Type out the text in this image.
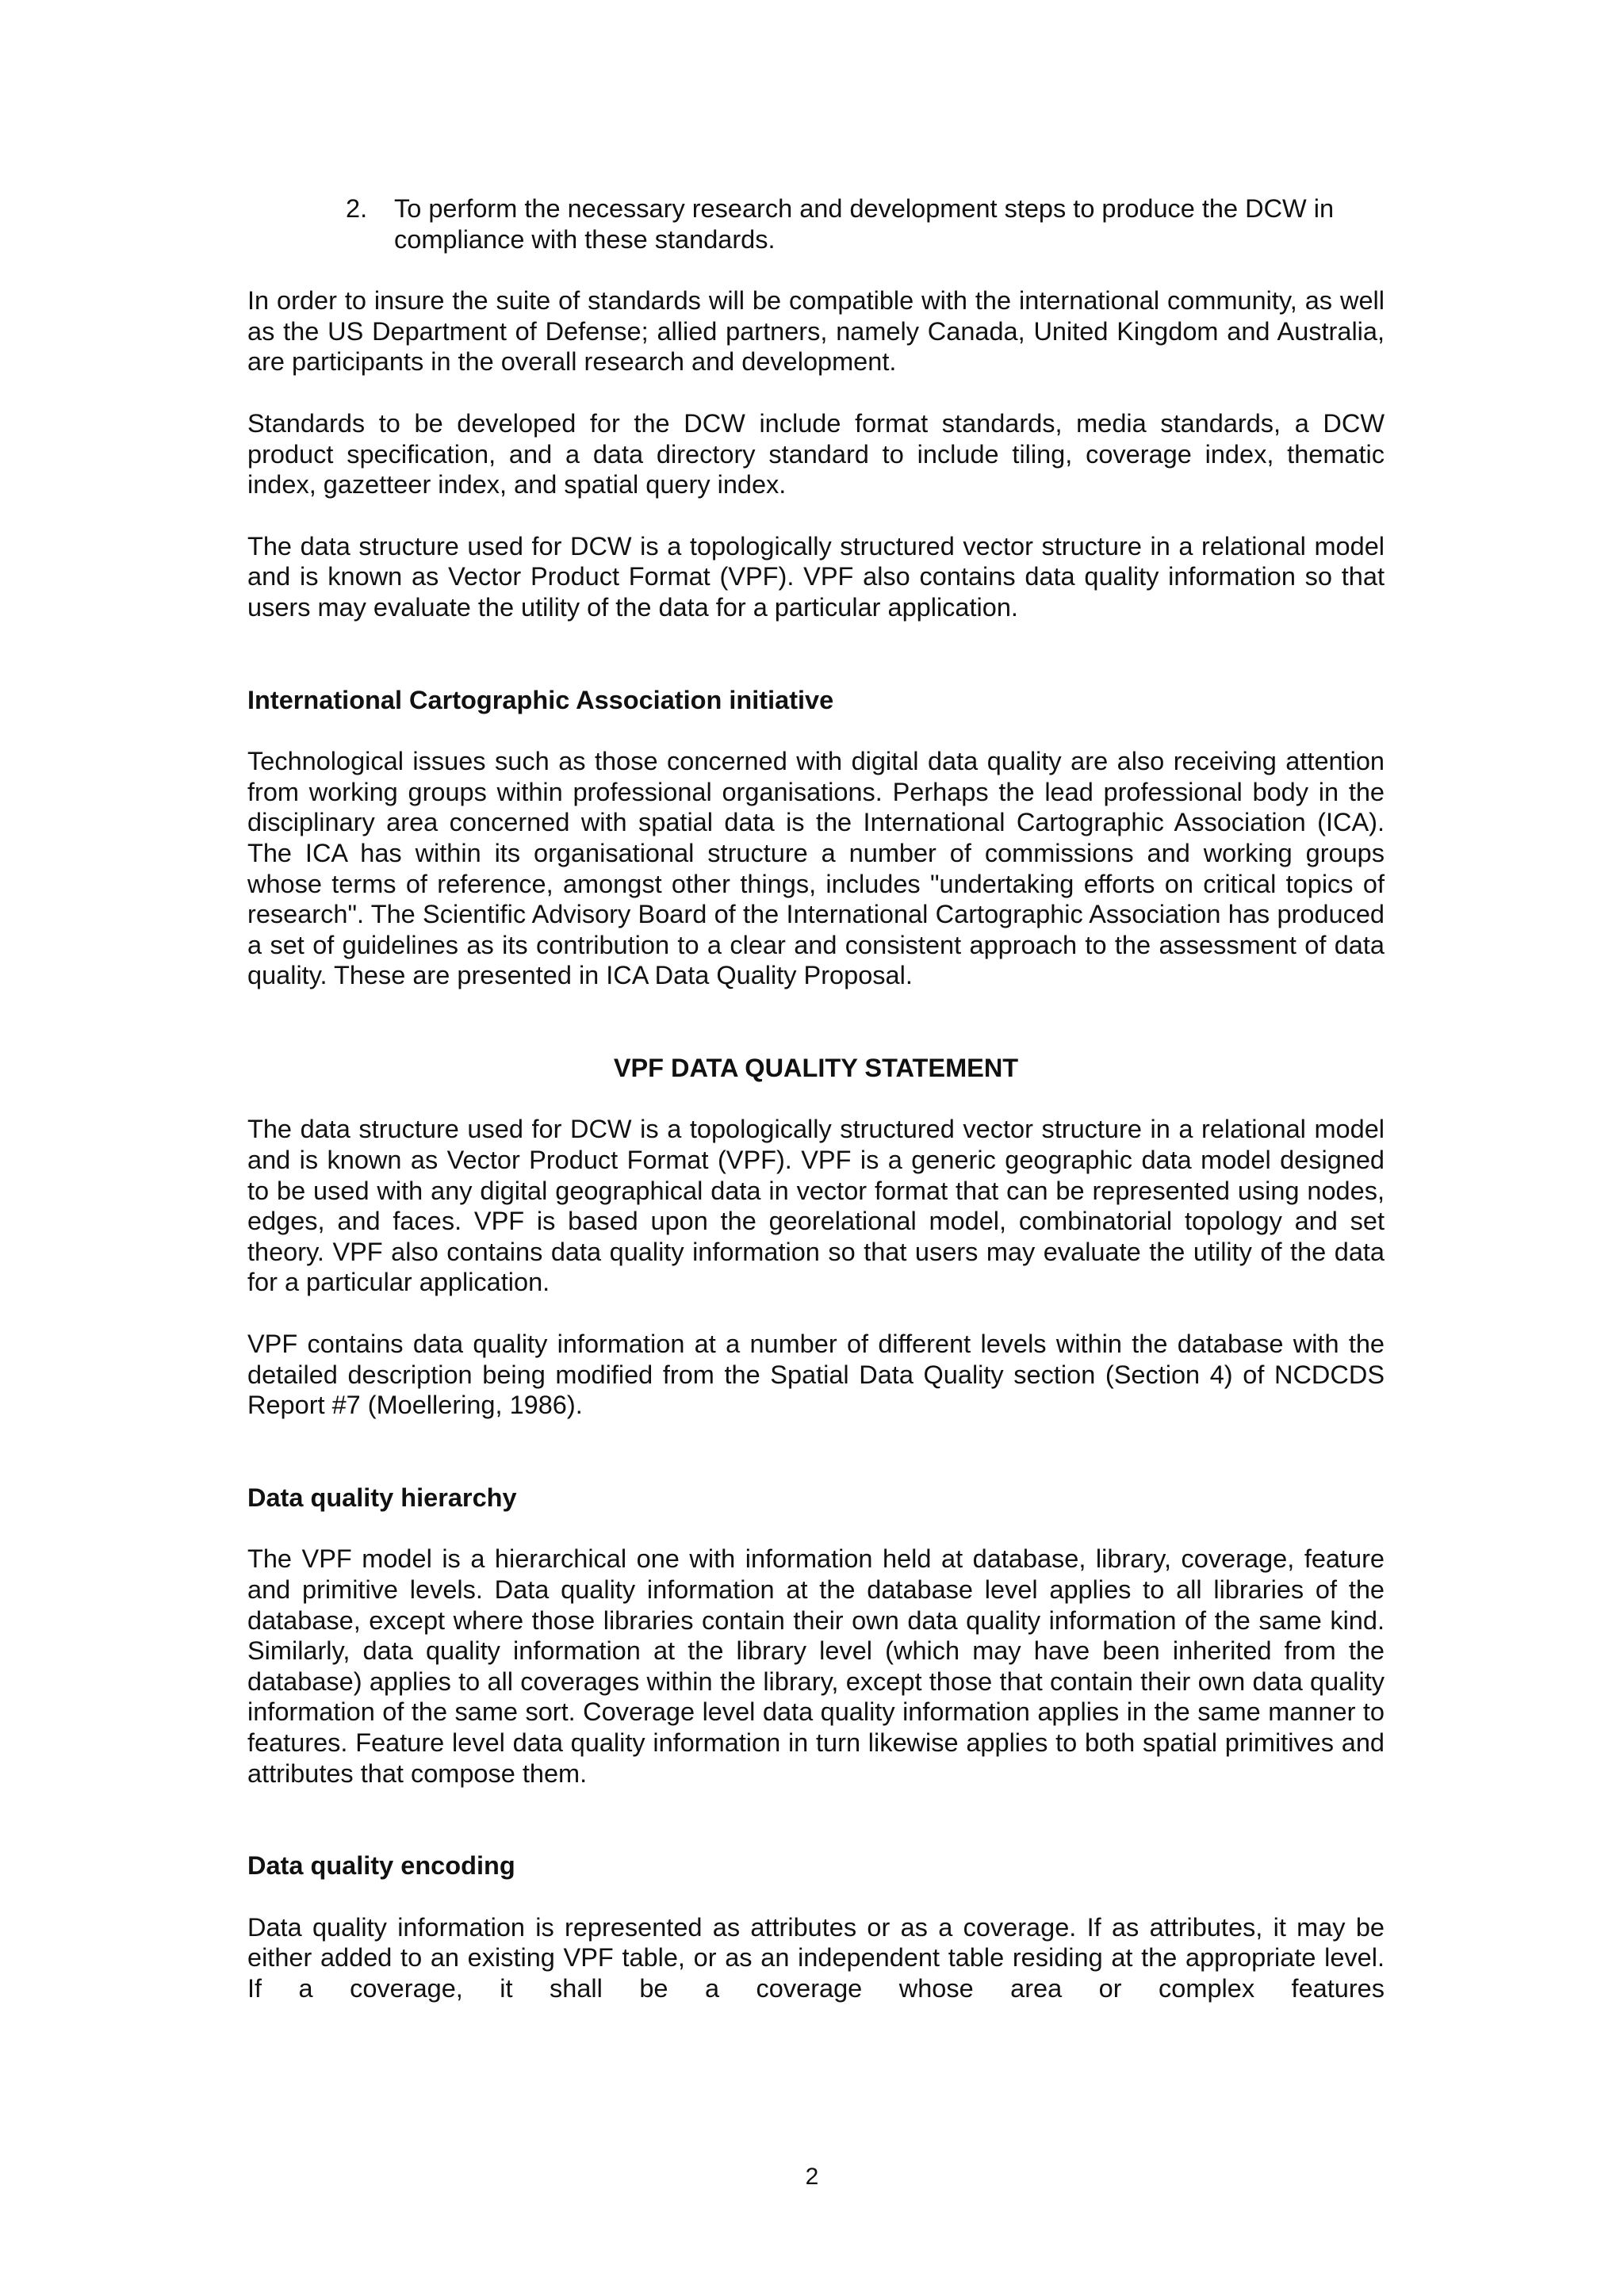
2.	To perform the necessary research and development steps to produce the DCW in compliance with these standards.

In order to insure the suite of standards will be compatible with the international community, as well as the US Department of Defense; allied partners, namely Canada, United Kingdom and Australia, are participants in the overall research and development.

Standards to be developed for the DCW include format standards, media standards, a DCW product specification, and a data directory standard to include tiling, coverage index, thematic index, gazetteer index, and spatial query index.

The data structure used for DCW is a topologically structured vector structure in a relational model and is known as Vector Product Format (VPF). VPF also contains data quality information so that users may evaluate the utility of the data for a particular application.

International Cartographic Association initiative

Technological issues such as those concerned with digital data quality are also receiving attention from working groups within professional organisations. Perhaps the lead professional body in the disciplinary area concerned with spatial data is the International Cartographic Association (ICA). The ICA has within its organisational structure a number of commissions and working groups whose terms of reference, amongst other things, includes "undertaking efforts on critical topics of research". The Scientific Advisory Board of the International Cartographic Association has produced a set of guidelines as its contribution to a clear and consistent approach to the assessment of data quality. These are presented in ICA Data Quality Proposal.

VPF DATA QUALITY STATEMENT

The data structure used for DCW is a topologically structured vector structure in a relational model and is known as Vector Product Format (VPF). VPF is a generic geographic data model designed to be used with any digital geographical data in vector format that can be represented using nodes, edges, and faces. VPF is based upon the georelational model, combinatorial topology and set theory. VPF also contains data quality information so that users may evaluate the utility of the data for a particular application.

VPF contains data quality information at a number of different levels within the database with the detailed description being modified from the Spatial Data Quality section (Section 4) of NCDCDS Report #7 (Moellering, 1986).

Data quality hierarchy

The VPF model is a hierarchical one with information held at database, library, coverage, feature and primitive levels. Data quality information at the database level applies to all libraries of the database, except where those libraries contain their own data quality information of the same kind. Similarly, data quality information at the library level (which may have been inherited from the database) applies to all coverages within the library, except those that contain their own data quality information of the same sort. Coverage level data quality information applies in the same manner to features. Feature level data quality information in turn likewise applies to both spatial primitives and attributes that compose them.

Data quality encoding

Data quality information is represented as attributes or as a coverage. If as attributes, it may be either added to an existing VPF table, or as an independent table residing at the appropriate level. If a coverage, it shall be a coverage whose area or complex features

2
